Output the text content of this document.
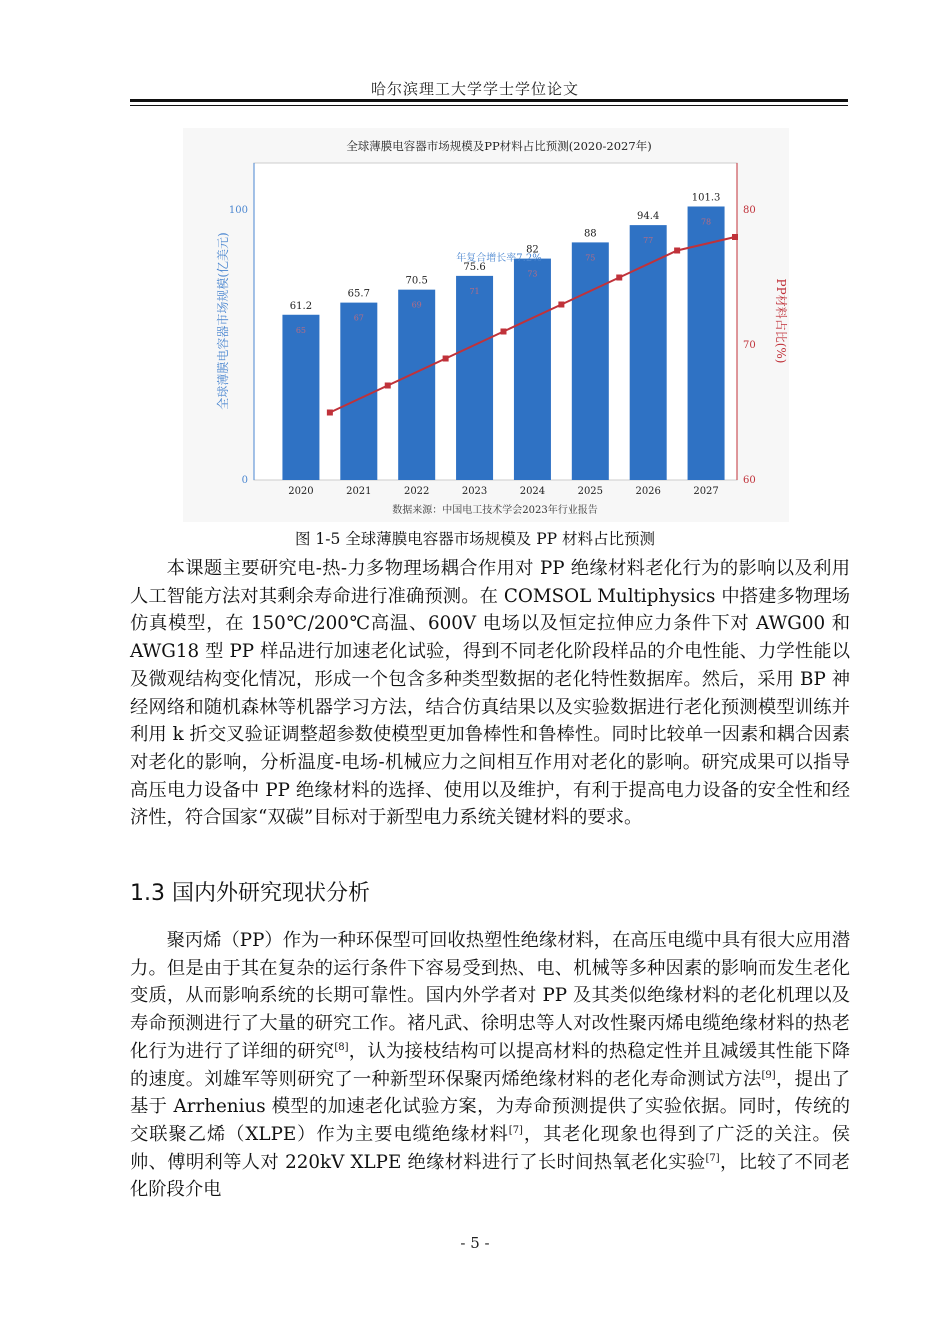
哈尔滨理工大学学士学位论文
全球薄膜电容器市场规模及PP材料占比预测(2020-2027年)
61.2
65.7
70.5
75.6
82
88
94.4
101.3
65
67
69
71
73
75
77
78
2020	2021	2022	2023	2024	2025	2026	2027
0
100
60
70
80
年复合增长率7.2%
全球薄膜电容器市场规模(亿美元)	PP材料占比(%)
数据来源：中国电工技术学会2023年行业报告
图 1-5 全球薄膜电容器市场规模及 PP 材料占比预测

本课题主要研究电-热-力多物理场耦合作用对 PP 绝缘材料老化行为的影响以及利用人工智能方法对其剩余寿命进行准确预测。在 COMSOL Multiphysics 中搭建多物理场仿真模型，在 150℃/200℃高温、600V 电场以及恒定拉伸应力条件下对 AWG00 和 AWG18 型 PP 样品进行加速老化试验，得到不同老化阶段样品的介电性能、力学性能以及微观结构变化情况，形成一个包含多种类型数据的老化特性数据库。然后，采用 BP 神经网络和随机森林等机器学习方法，结合仿真结果以及实验数据进行老化预测模型训练并利用 k 折交叉验证调整超参数使模型更加鲁棒性和鲁棒性。同时比较单一因素和耦合因素对老化的影响，分析温度-电场-机械应力之间相互作用对老化的影响。研究成果可以指导高压电力设备中 PP 绝缘材料的选择、使用以及维护，有利于提高电力设备的安全性和经济性，符合国家“双碳”目标对于新型电力系统关键材料的要求。

1.3 国内外研究现状分析

聚丙烯（PP）作为一种环保型可回收热塑性绝缘材料，在高压电缆中具有很大应用潜力。但是由于其在复杂的运行条件下容易受到热、电、机械等多种因素的影响而发生老化变质，从而影响系统的长期可靠性。国内外学者对 PP 及其类似绝缘材料的老化机理以及寿命预测进行了大量的研究工作。褚凡武、徐明忠等人对改性聚丙烯电缆绝缘材料的热老化行为进行了详细的研究[8]，认为接枝结构可以提高材料的热稳定性并且减缓其性能下降的速度。刘雄军等则研究了一种新型环保聚丙烯绝缘材料的老化寿命测试方法[9]，提出了基于 Arrhenius 模型的加速老化试验方案，为寿命预测提供了实验依据。同时，传统的交联聚乙烯（XLPE）作为主要电缆绝缘材料[7]，其老化现象也得到了广泛的关注。侯帅、傅明利等人对 220kV XLPE 绝缘材料进行了长时间热氧老化实验[7]，比较了不同老化阶段介电

- 5 -
